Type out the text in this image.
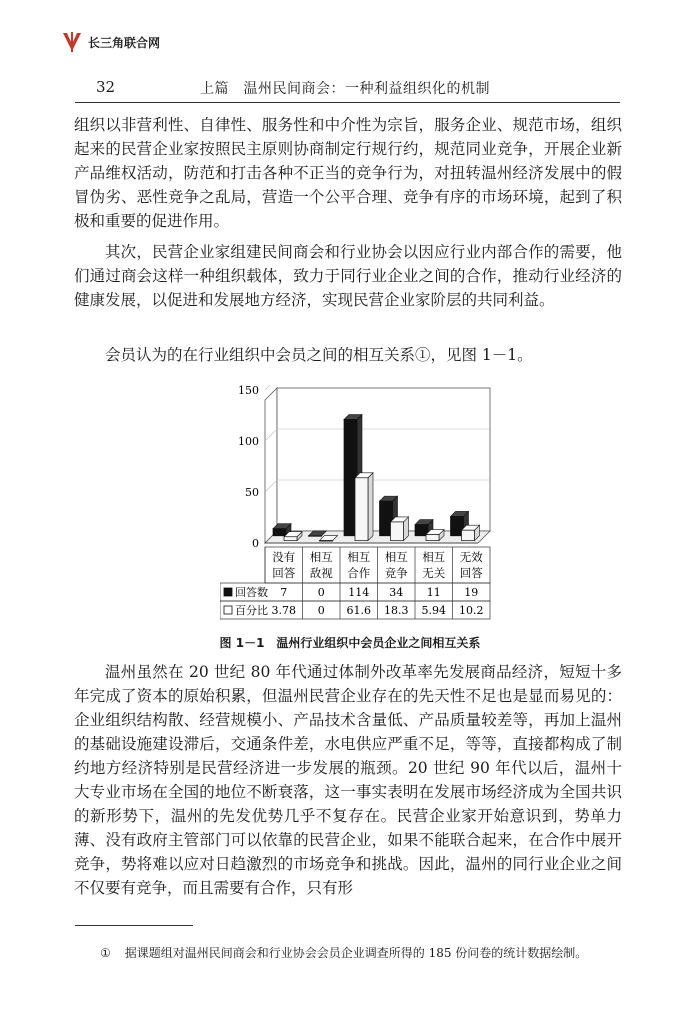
长三角联合网
32	上篇　温州民间商会：一种利益组织化的机制
组织以非营利性、自律性、服务性和中介性为宗旨，服务企业、规范市场，组织起来的民营企业家按照民主原则协商制定行规行约，规范同业竞争，开展企业新产品维权活动，防范和打击各种不正当的竞争行为，对扭转温州经济发展中的假冒伪劣、恶性竞争之乱局，营造一个公平合理、竞争有序的市场环境，起到了积极和重要的促进作用。
其次，民营企业家组建民间商会和行业协会以因应行业内部合作的需要，他们通过商会这样一种组织载体，致力于同行业企业之间的合作，推动行业经济的健康发展，以促进和发展地方经济，实现民营企业家阶层的共同利益。
会员认为的在行业组织中会员之间的相互关系①，见图 1－1。
0
50
100
150
没有
回答
相互
敌视
相互
合作
相互
竞争
相互
无关
无效
回答
回答数 7	0 114 34 11 19
百分比 3.78 0 61.6 18.3 5.94 10.2
图 1－1　温州行业组织中会员企业之间相互关系
温州虽然在 20 世纪 80 年代通过体制外改革率先发展商品经济，短短十多年完成了资本的原始积累，但温州民营企业存在的先天性不足也是显而易见的：企业组织结构散、经营规模小、产品技术含量低、产品质量较差等，再加上温州的基础设施建设滞后，交通条件差，水电供应严重不足，等等，直接都构成了制约地方经济特别是民营经济进一步发展的瓶颈。20 世纪 90 年代以后，温州十大专业市场在全国的地位不断衰落，这一事实表明在发展市场经济成为全国共识的新形势下，温州的先发优势几乎不复存在。民营企业家开始意识到，势单力薄、没有政府主管部门可以依靠的民营企业，如果不能联合起来，在合作中展开竞争，势将难以应对日趋激烈的市场竞争和挑战。因此，温州的同行业企业之间不仅要有竞争，而且需要有合作，只有形
① 据课题组对温州民间商会和行业协会会员企业调查所得的 185 份问卷的统计数据绘制。
